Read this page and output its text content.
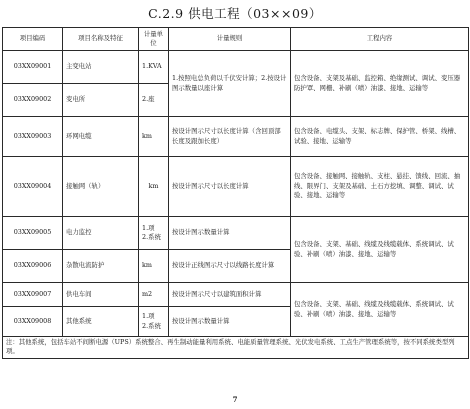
C.2.9 供电工程（03××09）
项目编码	项目名称及特征	计量单位	计量规则	工程内容
03XX09001	主变电站	1.KVA	1.按照电总负荷以千伏安计算；2.按设计图示数量以座计算	包含设备、支架及基础、监控箱、绝缘测试、调试、变压器防护罩、网栅、补刷（喷）油漆、接地、运输等
03XX09002	变电所	2.座		
03XX09003	环网电缆	km	按设计图示尺寸以长度计算（含回顶部长度及跟加长度）	包含设备、电缆头、支架、标志牌、保护管、桥架、线槽、试验、接地、运输等
03XX09004	接触网（轨）	km	按设计图示尺寸以长度计算	包含设备、接触网、接触轨、支柱、悬挂、馈线、回流、抽线、限界门、支架及基础、土石方挖填、调整、调试、试验、接地、运输等
03XX09005	电力监控	1.项
2.系统	按设计图示数量计算	包含设备、支架、基础、线缆及线缆载体、系统调试、试验、补刷（喷）油漆、接地、运输等
03XX09006	杂散电流防护	km	按设计正线图示尺寸以线路长度计算	
03XX09007	供电车间	m2	按设计图示尺寸以建筑面积计算	包含设备、支架、基础、线缆及线缆载体、系统调试、试验、补刷（喷）油漆、接地、运输等
03XX09008	其他系统	1.项
2.系统	按设计图示数量计算	
注：其他系统，包括车站不间断电源（UPS）系统整合、再生制动能量利用系统、电能质量管理系统、光伏发电系统、工点生产管理系统等，按不同系统类型列项。				
7
